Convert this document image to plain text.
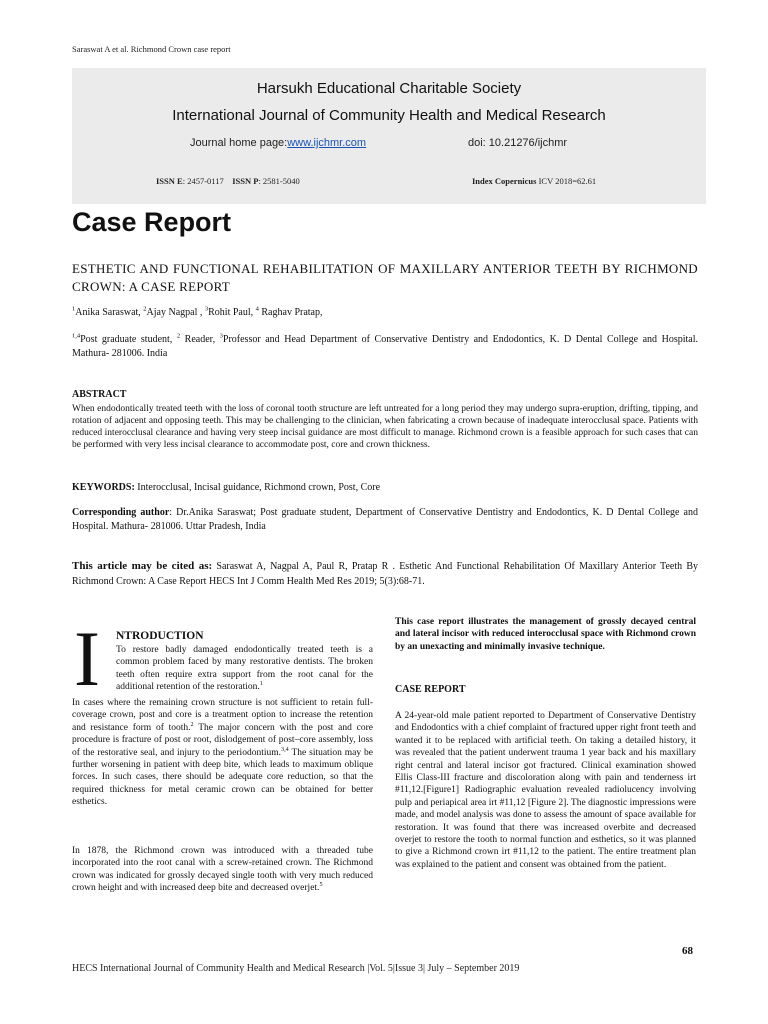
Saraswat A et al. Richmond Crown case report
Harsukh Educational Charitable Society
International Journal of Community Health and Medical Research
Journal home page:www.ijchmr.com	doi: 10.21276/ijchmr
ISSN E: 2457-0117 ISSN P: 2581-5040	Index Copernicus ICV 2018=62.61
Case Report
ESTHETIC AND FUNCTIONAL REHABILITATION OF MAXILLARY ANTERIOR TEETH BY RICHMOND CROWN: A CASE REPORT
$^1$Anika Saraswat, $^2$Ajay Nagpal , $^3$Rohit Paul, $^4$ Raghav Pratap,
$^{1,4}$Post graduate student, $^2$ Reader, $^3$Professor and Head Department of Conservative Dentistry and Endodontics, K. D Dental College and Hospital. Mathura- 281006. India
ABSTRACT
When endodontically treated teeth with the loss of coronal tooth structure are left untreated for a long period they may undergo supra-eruption, drifting, tipping, and rotation of adjacent and opposing teeth. This may be challenging to the clinician, when fabricating a crown because of inadequate interocclusal space. Patients with reduced interocclusal clearance and having very steep incisal guidance are most difficult to manage. Richmond crown is a feasible approach for such cases that can be performed with very less incisal clearance to accommodate post, core and crown thickness.
KEYWORDS: Interocclusal, Incisal guidance, Richmond crown, Post, Core
Corresponding author: Dr.Anika Saraswat; Post graduate student, Department of Conservative Dentistry and Endodontics, K. D Dental College and Hospital. Mathura- 281006. Uttar Pradesh, India
This article may be cited as: Saraswat A, Nagpal A, Paul R, Pratap R . Esthetic And Functional Rehabilitation Of Maxillary Anterior Teeth By Richmond Crown: A Case Report HECS Int J Comm Health Med Res 2019; 5(3):68-71.
I NTRODUCTION
To restore badly damaged endodontically treated teeth is a common problem faced by many restorative dentists. The broken teeth often require extra support from the root canal for the additional retention of the restoration.$^1$
In cases where the remaining crown structure is not sufficient to retain full-coverage crown, post and core is a treatment option to increase the retention and resistance form of tooth.$^2$ The major concern with the post and core procedure is fracture of post or root, dislodgement of post–core assembly, loss of the restorative seal, and injury to the periodontium.$^{3,4}$ The situation may be further worsening in patient with deep bite, which leads to maximum oblique forces. In such cases, there should be adequate core reduction, so that the required thickness for metal ceramic crown can be obtained for better esthetics.
In 1878, the Richmond crown was introduced with a threaded tube incorporated into the root canal with a screw-retained crown. The Richmond crown was indicated for grossly decayed single tooth with very much reduced crown height and with increased deep bite and decreased overjet.$^5$
This case report illustrates the management of grossly decayed central and lateral incisor with reduced interocclusal space with Richmond crown by an unexacting and minimally invasive technique.
CASE REPORT
A 24-year-old male patient reported to Department of Conservative Dentistry and Endodontics with a chief complaint of fractured upper right front teeth and wanted it to be replaced with artificial teeth. On taking a detailed history, it was revealed that the patient underwent trauma 1 year back and his maxillary right central and lateral incisor got fractured. Clinical examination showed Ellis Class-III fracture and discoloration along with pain and tenderness irt #11,12.[Figure1] Radiographic evaluation revealed radiolucency involving pulp and periapical area irt #11,12 [Figure 2]. The diagnostic impressions were made, and model analysis was done to assess the amount of space available for restoration. It was found that there was increased overbite and decreased overjet to restore the tooth to normal function and esthetics, so it was planned to give a Richmond crown irt #11,12 to the patient. The entire treatment plan was explained to the patient and consent was obtained from the patient.
68
HECS International Journal of Community Health and Medical Research |Vol. 5|Issue 3| July – September 2019
